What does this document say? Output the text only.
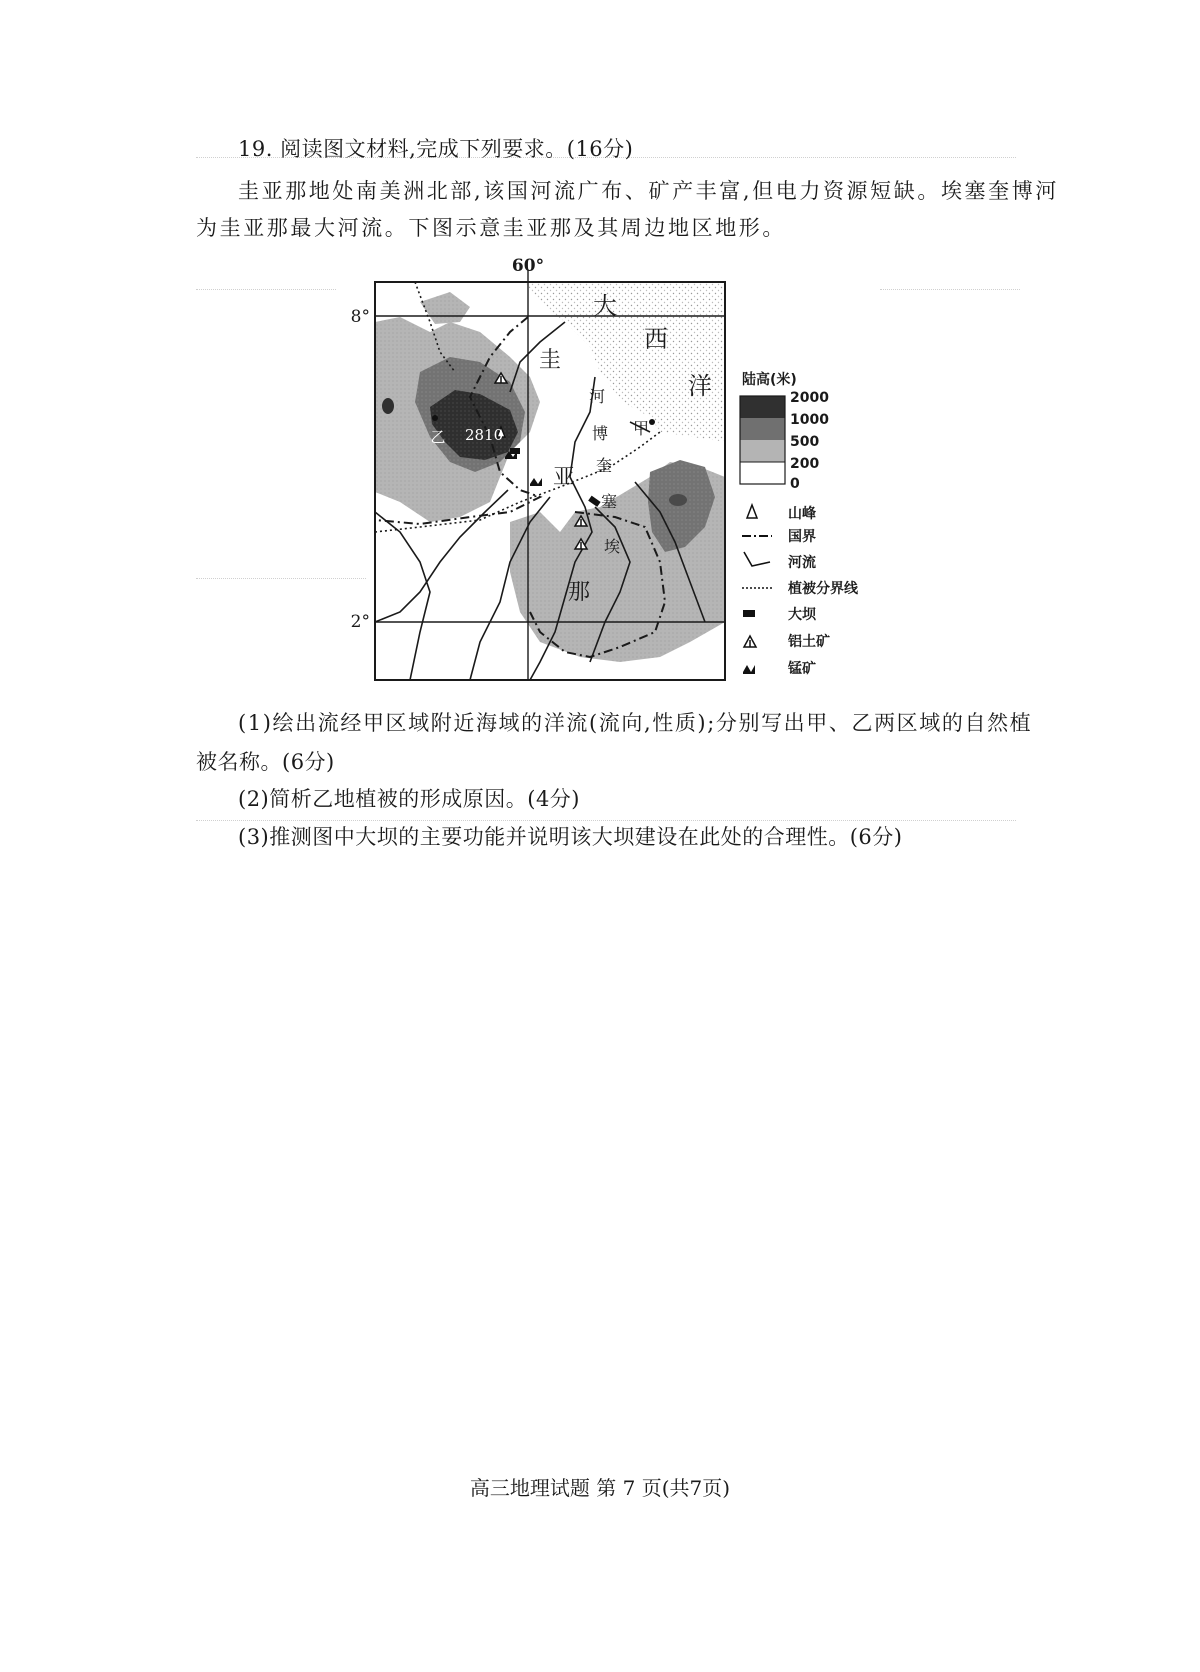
19. 阅读图文材料,完成下列要求。(16分)
圭亚那地处南美洲北部,该国河流广布、矿产丰富,但电力资源短缺。埃塞奎博河
为圭亚那最大河流。下图示意圭亚那及其周边地区地形。
60°
8°
2°
大
西
洋
圭
亚
那
河
博
奎
塞
埃
甲
乙 2810
陆高(米)
2000
1000
500
200
0
山峰
国界
河流
植被分界线
大坝
铝土矿
锰矿
(1)绘出流经甲区域附近海域的洋流(流向,性质);分别写出甲、乙两区域的自然植
被名称。(6分)
(2)简析乙地植被的形成原因。(4分)
(3)推测图中大坝的主要功能并说明该大坝建设在此处的合理性。(6分)
高三地理试题 第 7 页(共7页)
